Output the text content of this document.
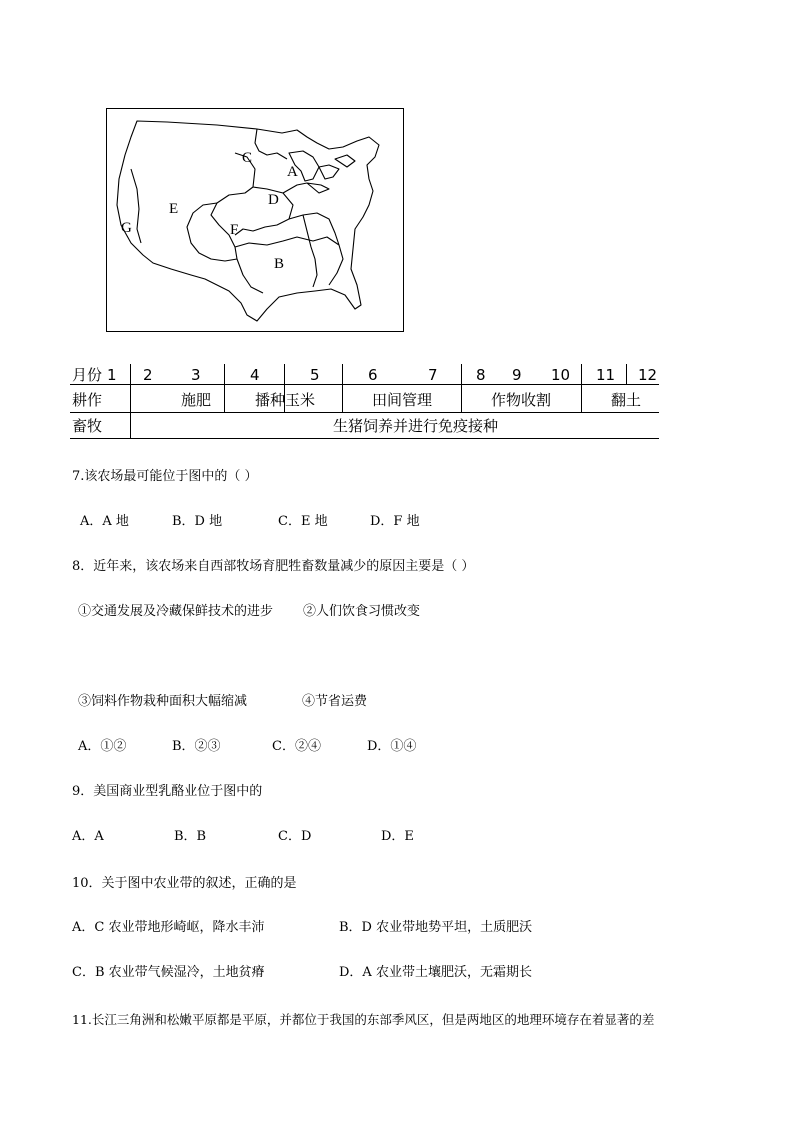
C
A
D
E
G	F
B
月份 1 2	3	4	5	6	7	8 9 10 11 12
耕作	施肥	播种玉米	田间管理	作物收割	翻土
畜牧	生猪饲养并进行免疫接种
7.该农场最可能位于图中的（ ）
A．A 地	B．D 地	C．E 地	D．F 地
8．近年来，该农场来自西部牧场育肥牲畜数量减少的原因主要是（ ）
①交通发展及冷藏保鲜技术的进步 ②人们饮食习惯改变
③饲料作物栽种面积大幅缩减	④节省运费
A．①②	B．②③	C．②④	D．①④
9．美国商业型乳酪业位于图中的
A．A	B．B	C．D	D．E
10．关于图中农业带的叙述，正确的是
A．C 农业带地形崎岖，降水丰沛	B．D 农业带地势平坦，土质肥沃
C．B 农业带气候湿冷，土地贫瘠	D．A 农业带土壤肥沃，无霜期长
11.长江三角洲和松嫩平原都是平原，并都位于我国的东部季风区，但是两地区的地理环境存在着显著的差
